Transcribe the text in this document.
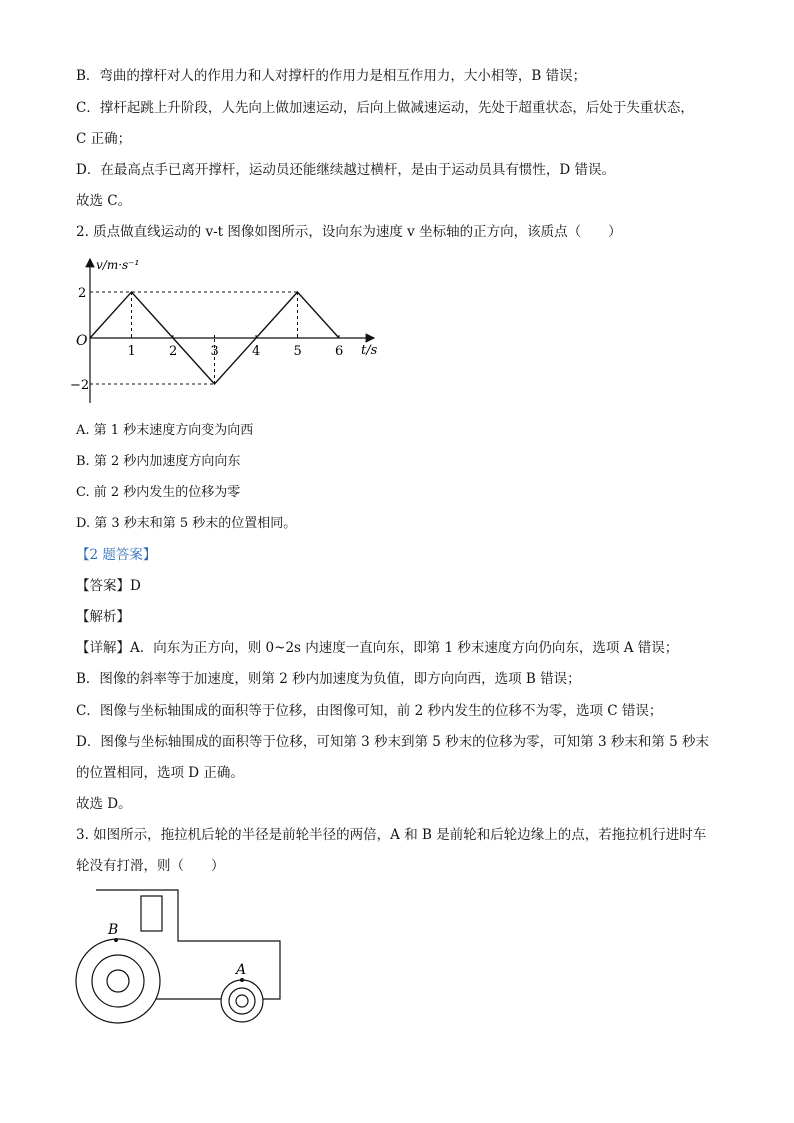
B．弯曲的撑杆对人的作用力和人对撑杆的作用力是相互作用力，大小相等，B 错误；
C．撑杆起跳上升阶段，人先向上做加速运动，后向上做减速运动，先处于超重状态，后处于失重状态，
C 正确；
D．在最高点手已离开撑杆，运动员还能继续越过横杆，是由于运动员具有惯性，D 错误。
故选 C。
2. 质点做直线运动的 v-t 图像如图所示，设向东为速度 v 坐标轴的正方向，该质点（　　）
v/m·s⁻¹
t/s
O
1	2	3	4	5	6
2
−2
A. 第 1 秒末速度方向变为向西
B. 第 2 秒内加速度方向向东
C. 前 2 秒内发生的位移为零
D. 第 3 秒末和第 5 秒末的位置相同。
【2 题答案】
【答案】D
【解析】
【详解】A．向东为正方向，则 0~2s 内速度一直向东，即第 1 秒末速度方向仍向东，选项 A 错误；
B．图像的斜率等于加速度，则第 2 秒内加速度为负值，即方向向西，选项 B 错误；
C．图像与坐标轴围成的面积等于位移，由图像可知，前 2 秒内发生的位移不为零，选项 C 错误；
D．图像与坐标轴围成的面积等于位移，可知第 3 秒末到第 5 秒末的位移为零，可知第 3 秒末和第 5 秒末
的位置相同，选项 D 正确。
故选 D。
3. 如图所示，拖拉机后轮的半径是前轮半径的两倍，A 和 B 是前轮和后轮边缘上的点，若拖拉机行进时车
轮没有打滑，则（　　）
B
A
